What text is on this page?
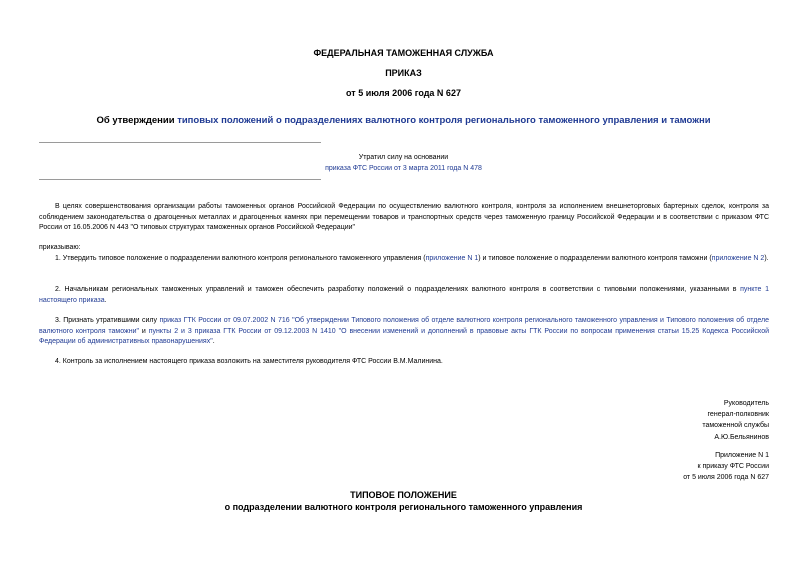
ФЕДЕРАЛЬНАЯ ТАМОЖЕННАЯ СЛУЖБА
ПРИКАЗ
от 5 июля 2006 года N 627
Об утверждении типовых положений о подразделениях валютного контроля регионального таможенного управления и таможни
Утратил силу на основании
приказа ФТС России от 3 марта 2011 года N 478
В целях совершенствования организации работы таможенных органов Российской Федерации по осуществлению валютного контроля, контроля за исполнением внешнеторговых бартерных сделок, контроля за соблюдением законодательства о драгоценных металлах и драгоценных камнях при перемещении товаров и транспортных средств через таможенную границу Российской Федерации и в соответствии с приказом ФТС России от 16.05.2006 N 443 "О типовых структурах таможенных органов Российской Федерации"
приказываю:
1. Утвердить типовое положение о подразделении валютного контроля регионального таможенного управления (приложение N 1) и типовое положение о подразделении валютного контроля таможни (приложение N 2).
2. Начальникам региональных таможенных управлений и таможен обеспечить разработку положений о подразделениях валютного контроля в соответствии с типовыми положениями, указанными в пункте 1 настоящего приказа.
3. Признать утратившими силу приказ ГТК России от 09.07.2002 N 716 "Об утверждении Типового положения об отделе валютного контроля регионального таможенного управления и Типового положения об отделе валютного контроля таможни" и пункты 2 и 3 приказа ГТК России от 09.12.2003 N 1410 "О внесении изменений и дополнений в правовые акты ГТК России по вопросам применения статьи 15.25 Кодекса Российской Федерации об административных правонарушениях".
4. Контроль за исполнением настоящего приказа возложить на заместителя руководителя ФТС России В.М.Малинина.
Руководитель
генерал-полковник
таможенной службы
А.Ю.Бельянинов
Приложение N 1
к приказу ФТС России
от 5 июля 2006 года N 627
ТИПОВОЕ ПОЛОЖЕНИЕ
о подразделении валютного контроля регионального таможенного управления
